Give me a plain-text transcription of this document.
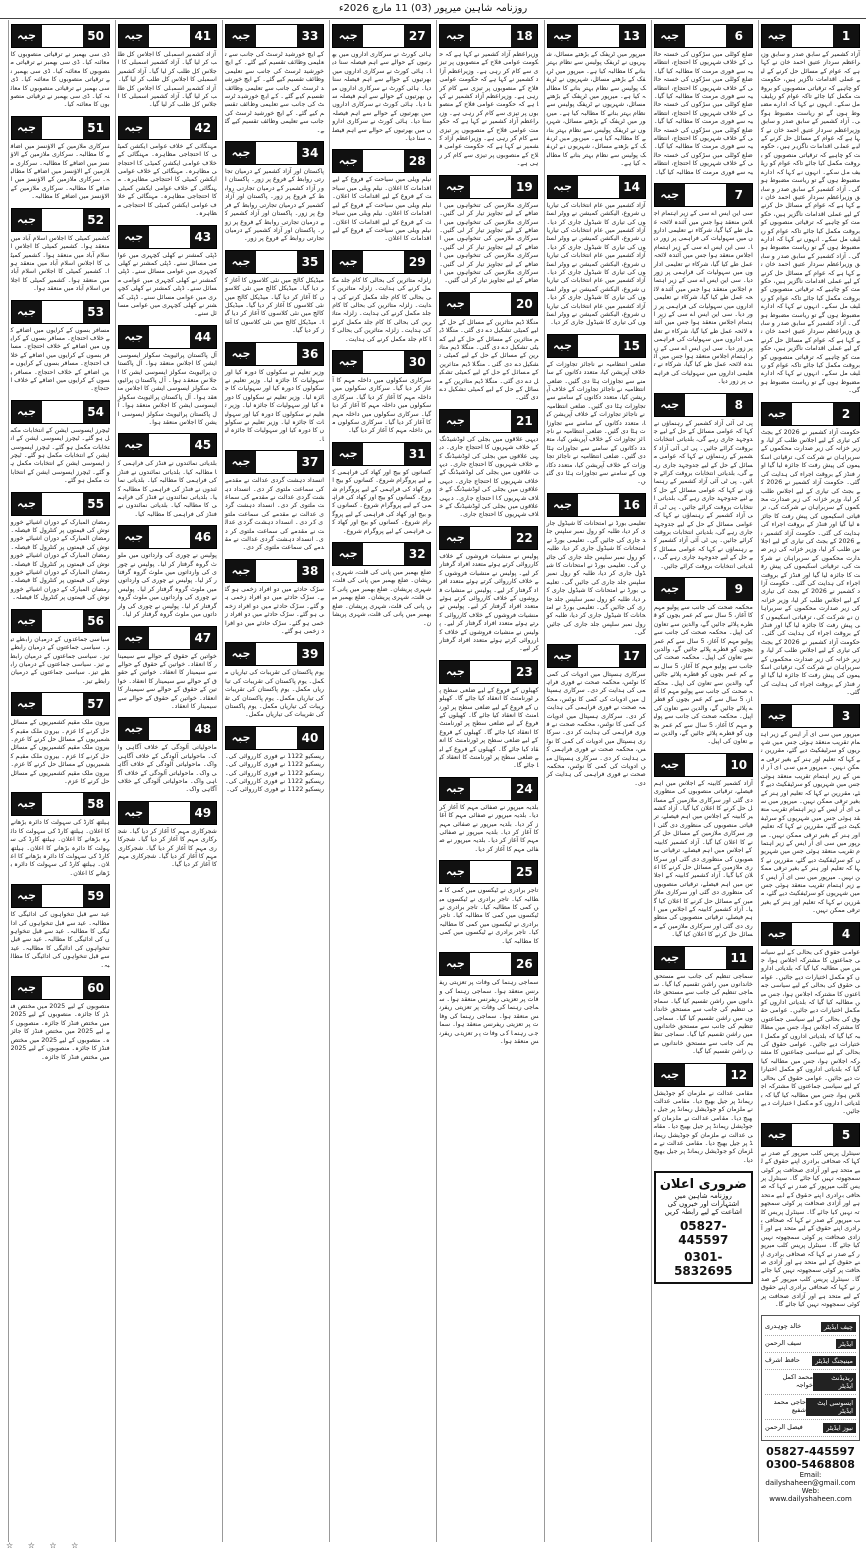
روزنامہ شاہین میرپور (03) 11 مارچ 2026ء
1
جبہ
آزاد کشمیر کے سابق صدر و سابق وزیراعظم سردار عتیق احمد خان نے کہا ہے کہ عوام کے مسائل حل کرنے کے لیے عملی اقدامات ناگزیر ہیں، حکومت کو چاہیے کہ ترقیاتی منصوبوں کو بروقت مکمل کیا جائے تاکہ عوام کو ریلیف مل سکے۔ انہوں نے کہا کہ ادارے مضبوط ہوں گے تو ریاست مضبوط ہوگی۔ آزاد کشمیر کے سابق صدر و سابق وزیراعظم سردار عتیق احمد خان نے کہا ہے کہ عوام کے مسائل حل کرنے کے لیے عملی اقدامات ناگزیر ہیں، حکومت کو چاہیے کہ ترقیاتی منصوبوں کو بروقت مکمل کیا جائے تاکہ عوام کو ریلیف مل سکے۔ انہوں نے کہا کہ ادارے مضبوط ہوں گے تو ریاست مضبوط ہوگی۔ آزاد کشمیر کے سابق صدر و سابق وزیراعظم سردار عتیق احمد خان نے کہا ہے کہ عوام کے مسائل حل کرنے کے لیے عملی اقدامات ناگزیر ہیں، حکومت کو چاہیے کہ ترقیاتی منصوبوں کو بروقت مکمل کیا جائے تاکہ عوام کو ریلیف مل سکے۔ انہوں نے کہا کہ ادارے مضبوط ہوں گے تو ریاست مضبوط ہوگی۔ آزاد کشمیر کے سابق صدر و سابق وزیراعظم سردار عتیق احمد خان نے کہا ہے کہ عوام کے مسائل حل کرنے کے لیے عملی اقدامات ناگزیر ہیں، حکومت کو چاہیے کہ ترقیاتی منصوبوں کو بروقت مکمل کیا جائے تاکہ عوام کو ریلیف مل سکے۔ انہوں نے کہا کہ ادارے مضبوط ہوں گے تو ریاست مضبوط ہوگی۔ آزاد کشمیر کے سابق صدر و سابق وزیراعظم سردار عتیق احمد خان نے کہا ہے کہ عوام کے مسائل حل کرنے کے لیے عملی اقدامات ناگزیر ہیں، حکومت کو چاہیے کہ ترقیاتی منصوبوں کو بروقت مکمل کیا جائے تاکہ عوام کو ریلیف مل سکے۔ انہوں نے کہا کہ ادارے مضبوط ہوں گے تو ریاست مضبوط ہوگی۔
2
جبہ
حکومت آزاد کشمیر نے 2026 کے بجٹ کی تیاری کے لیے اجلاس طلب کر لیا، وزیر خزانہ کی زیر صدارت محکموں کے سربراہان نے شرکت کی، ترقیاتی اسکیموں کی پیش رفت کا جائزہ لیا گیا اور فنڈز کے بروقت اجراء کی ہدایت کی گئی۔ حکومت آزاد کشمیر نے 2026 کے بجٹ کی تیاری کے لیے اجلاس طلب کر لیا، وزیر خزانہ کی زیر صدارت محکموں کے سربراہان نے شرکت کی، ترقیاتی اسکیموں کی پیش رفت کا جائزہ لیا گیا اور فنڈز کے بروقت اجراء کی ہدایت کی گئی۔ حکومت آزاد کشمیر نے 2026 کے بجٹ کی تیاری کے لیے اجلاس طلب کر لیا، وزیر خزانہ کی زیر صدارت محکموں کے سربراہان نے شرکت کی، ترقیاتی اسکیموں کی پیش رفت کا جائزہ لیا گیا اور فنڈز کے بروقت اجراء کی ہدایت کی گئی۔ حکومت آزاد کشمیر نے 2026 کے بجٹ کی تیاری کے لیے اجلاس طلب کر لیا، وزیر خزانہ کی زیر صدارت محکموں کے سربراہان نے شرکت کی، ترقیاتی اسکیموں کی پیش رفت کا جائزہ لیا گیا اور فنڈز کے بروقت اجراء کی ہدایت کی گئی۔ حکومت آزاد کشمیر نے 2026 کے بجٹ کی تیاری کے لیے اجلاس طلب کر لیا، وزیر خزانہ کی زیر صدارت محکموں کے سربراہان نے شرکت کی، ترقیاتی اسکیموں کی پیش رفت کا جائزہ لیا گیا اور فنڈز کے بروقت اجراء کی ہدایت کی گئی۔
3
جبہ
میرپور میں سی ای آر ایس کے زیر اہتمام تقریب منعقد ہوئی جس میں شہریوں کو سرٹیفکیٹ دیے گئے، مقررین نے کہا کہ تعلیم اور ہنر کے بغیر ترقی ممکن نہیں۔ میرپور میں سی ای آر ایس کے زیر اہتمام تقریب منعقد ہوئی جس میں شہریوں کو سرٹیفکیٹ دیے گئے، مقررین نے کہا کہ تعلیم اور ہنر کے بغیر ترقی ممکن نہیں۔ میرپور میں سی ای آر ایس کے زیر اہتمام تقریب منعقد ہوئی جس میں شہریوں کو سرٹیفکیٹ دیے گئے، مقررین نے کہا کہ تعلیم اور ہنر کے بغیر ترقی ممکن نہیں۔ میرپور میں سی ای آر ایس کے زیر اہتمام تقریب منعقد ہوئی جس میں شہریوں کو سرٹیفکیٹ دیے گئے، مقررین نے کہا کہ تعلیم اور ہنر کے بغیر ترقی ممکن نہیں۔ میرپور میں سی ای آر ایس کے زیر اہتمام تقریب منعقد ہوئی جس میں شہریوں کو سرٹیفکیٹ دیے گئے، مقررین نے کہا کہ تعلیم اور ہنر کے بغیر ترقی ممکن نہیں۔
4
جبہ
عوامی حقوق کی بحالی کے لیے سیاسی جماعتوں کا مشترکہ اجلاس ہوا، جس میں مطالبہ کیا گیا کہ بلدیاتی اداروں کو مکمل اختیارات دیے جائیں۔ عوامی حقوق کی بحالی کے لیے سیاسی جماعتوں کا مشترکہ اجلاس ہوا، جس میں مطالبہ کیا گیا کہ بلدیاتی اداروں کو مکمل اختیارات دیے جائیں۔ عوامی حقوق کی بحالی کے لیے سیاسی جماعتوں کا مشترکہ اجلاس ہوا، جس میں مطالبہ کیا گیا کہ بلدیاتی اداروں کو مکمل اختیارات دیے جائیں۔ عوامی حقوق کی بحالی کے لیے سیاسی جماعتوں کا مشترکہ اجلاس ہوا، جس میں مطالبہ کیا گیا کہ بلدیاتی اداروں کو مکمل اختیارات دیے جائیں۔ عوامی حقوق کی بحالی کے لیے سیاسی جماعتوں کا مشترکہ اجلاس ہوا، جس میں مطالبہ کیا گیا کہ بلدیاتی اداروں کو مکمل اختیارات دیے جائیں۔
5
جبہ
سینٹرل پریس کلب میرپور کے صدر نے کہا کہ صحافی برادری اپنے حقوق کے لیے متحد ہے اور آزادی صحافت پر کوئی سمجھوتہ نہیں کیا جائے گا۔ سینٹرل پریس کلب میرپور کے صدر نے کہا کہ صحافی برادری اپنے حقوق کے لیے متحد ہے اور آزادی صحافت پر کوئی سمجھوتہ نہیں کیا جائے گا۔ سینٹرل پریس کلب میرپور کے صدر نے کہا کہ صحافی برادری اپنے حقوق کے لیے متحد ہے اور آزادی صحافت پر کوئی سمجھوتہ نہیں کیا جائے گا۔ سینٹرل پریس کلب میرپور کے صدر نے کہا کہ صحافی برادری اپنے حقوق کے لیے متحد ہے اور آزادی صحافت پر کوئی سمجھوتہ نہیں کیا جائے گا۔ سینٹرل پریس کلب میرپور کے صدر نے کہا کہ صحافی برادری اپنے حقوق کے لیے متحد ہے اور آزادی صحافت پر کوئی سمجھوتہ نہیں کیا جائے گا۔
چیف ایڈیٹر
خالد چوہدری
ایڈیٹر
سیف الرحمن
مینیجنگ ایڈیٹر
حافظ اشرف
ریذیڈنٹ ایڈیٹر
محمد اکمل خواجہ
ایسوسی ایٹ ایڈیٹر
حاجی محمد شفیع
نیوز ایڈیٹر
فیصل الرحمن
05827-445597
0300-5468808
Email: dailyshaheen@gmail.com
Web: www.dailyshaheen.com
6
جبہ
ضلع کوٹلی میں سڑکوں کی خستہ حالی کے خلاف شہریوں کا احتجاج، انتظامیہ سے فوری مرمت کا مطالبہ کیا گیا۔ ضلع کوٹلی میں سڑکوں کی خستہ حالی کے خلاف شہریوں کا احتجاج، انتظامیہ سے فوری مرمت کا مطالبہ کیا گیا۔ ضلع کوٹلی میں سڑکوں کی خستہ حالی کے خلاف شہریوں کا احتجاج، انتظامیہ سے فوری مرمت کا مطالبہ کیا گیا۔ ضلع کوٹلی میں سڑکوں کی خستہ حالی کے خلاف شہریوں کا احتجاج، انتظامیہ سے فوری مرمت کا مطالبہ کیا گیا۔ ضلع کوٹلی میں سڑکوں کی خستہ حالی کے خلاف شہریوں کا احتجاج، انتظامیہ سے فوری مرمت کا مطالبہ کیا گیا۔
7
جبہ
سی این ایس اے سی کے زیر اہتمام اجلاس منعقد ہوا جس میں آئندہ لائحہ عمل طے کیا گیا، شرکاء نے تعلیمی اداروں میں سہولیات کی فراہمی پر زور دیا۔ سی این ایس اے سی کے زیر اہتمام اجلاس منعقد ہوا جس میں آئندہ لائحہ عمل طے کیا گیا، شرکاء نے تعلیمی اداروں میں سہولیات کی فراہمی پر زور دیا۔ سی این ایس اے سی کے زیر اہتمام اجلاس منعقد ہوا جس میں آئندہ لائحہ عمل طے کیا گیا، شرکاء نے تعلیمی اداروں میں سہولیات کی فراہمی پر زور دیا۔ سی این ایس اے سی کے زیر اہتمام اجلاس منعقد ہوا جس میں آئندہ لائحہ عمل طے کیا گیا، شرکاء نے تعلیمی اداروں میں سہولیات کی فراہمی پر زور دیا۔ سی این ایس اے سی کے زیر اہتمام اجلاس منعقد ہوا جس میں آئندہ لائحہ عمل طے کیا گیا، شرکاء نے تعلیمی اداروں میں سہولیات کی فراہمی پر زور دیا۔
8
جبہ
پی ٹی آئی آزاد کشمیر کے رہنماؤں نے کہا کہ عوامی مسائل کے حل کے لیے جدوجہد جاری رہے گی، بلدیاتی انتخابات بروقت کرائے جائیں۔ پی ٹی آئی آزاد کشمیر کے رہنماؤں نے کہا کہ عوامی مسائل کے حل کے لیے جدوجہد جاری رہے گی، بلدیاتی انتخابات بروقت کرائے جائیں۔ پی ٹی آئی آزاد کشمیر کے رہنماؤں نے کہا کہ عوامی مسائل کے حل کے لیے جدوجہد جاری رہے گی، بلدیاتی انتخابات بروقت کرائے جائیں۔ پی ٹی آئی آزاد کشمیر کے رہنماؤں نے کہا کہ عوامی مسائل کے حل کے لیے جدوجہد جاری رہے گی، بلدیاتی انتخابات بروقت کرائے جائیں۔ پی ٹی آئی آزاد کشمیر کے رہنماؤں نے کہا کہ عوامی مسائل کے حل کے لیے جدوجہد جاری رہے گی، بلدیاتی انتخابات بروقت کرائے جائیں۔
9
جبہ
محکمہ صحت کی جانب سے پولیو مہم کا آغاز، 5 سال سے کم عمر بچوں کو قطرے پلائے جائیں گے، والدین سے تعاون کی اپیل۔ محکمہ صحت کی جانب سے پولیو مہم کا آغاز، 5 سال سے کم عمر بچوں کو قطرے پلائے جائیں گے، والدین سے تعاون کی اپیل۔ محکمہ صحت کی جانب سے پولیو مہم کا آغاز، 5 سال سے کم عمر بچوں کو قطرے پلائے جائیں گے، والدین سے تعاون کی اپیل۔ محکمہ صحت کی جانب سے پولیو مہم کا آغاز، 5 سال سے کم عمر بچوں کو قطرے پلائے جائیں گے، والدین سے تعاون کی اپیل۔ محکمہ صحت کی جانب سے پولیو مہم کا آغاز، 5 سال سے کم عمر بچوں کو قطرے پلائے جائیں گے، والدین سے تعاون کی اپیل۔
10
جبہ
آزاد کشمیر کابینہ کے اجلاس میں اہم فیصلے، ترقیاتی منصوبوں کی منظوری دی گئی اور سرکاری ملازمین کے مسائل حل کرنے کا اعلان کیا گیا۔ آزاد کشمیر کابینہ کے اجلاس میں اہم فیصلے، ترقیاتی منصوبوں کی منظوری دی گئی اور سرکاری ملازمین کے مسائل حل کرنے کا اعلان کیا گیا۔ آزاد کشمیر کابینہ کے اجلاس میں اہم فیصلے، ترقیاتی منصوبوں کی منظوری دی گئی اور سرکاری ملازمین کے مسائل حل کرنے کا اعلان کیا گیا۔ آزاد کشمیر کابینہ کے اجلاس میں اہم فیصلے، ترقیاتی منصوبوں کی منظوری دی گئی اور سرکاری ملازمین کے مسائل حل کرنے کا اعلان کیا گیا۔ آزاد کشمیر کابینہ کے اجلاس میں اہم فیصلے، ترقیاتی منصوبوں کی منظوری دی گئی اور سرکاری ملازمین کے مسائل حل کرنے کا اعلان کیا گیا۔
11
جبہ
سماجی تنظیم کی جانب سے مستحق خاندانوں میں راشن تقسیم کیا گیا۔ سماجی تنظیم کی جانب سے مستحق خاندانوں میں راشن تقسیم کیا گیا۔ سماجی تنظیم کی جانب سے مستحق خاندانوں میں راشن تقسیم کیا گیا۔ سماجی تنظیم کی جانب سے مستحق خاندانوں میں راشن تقسیم کیا گیا۔ سماجی تنظیم کی جانب سے مستحق خاندانوں میں راشن تقسیم کیا گیا۔
12
جبہ
مقامی عدالت نے ملزمان کو جوڈیشل ریمانڈ پر جیل بھیج دیا۔ مقامی عدالت نے ملزمان کو جوڈیشل ریمانڈ پر جیل بھیج دیا۔ مقامی عدالت نے ملزمان کو جوڈیشل ریمانڈ پر جیل بھیج دیا۔ مقامی عدالت نے ملزمان کو جوڈیشل ریمانڈ پر جیل بھیج دیا۔ مقامی عدالت نے ملزمان کو جوڈیشل ریمانڈ پر جیل بھیج دیا۔
ضروری اعلان
روزنامہ شاہین میں اشتہارات اور خبروں کی اشاعت کے لیے رابطہ کریں
05827-445597
0301-5832695
13
جبہ
میرپور میں ٹریفک کے بڑھتے مسائل، شہریوں نے ٹریفک پولیس سے نظام بہتر بنانے کا مطالبہ کیا ہے۔ میرپور میں ٹریفک کے بڑھتے مسائل، شہریوں نے ٹریفک پولیس سے نظام بہتر بنانے کا مطالبہ کیا ہے۔ میرپور میں ٹریفک کے بڑھتے مسائل، شہریوں نے ٹریفک پولیس سے نظام بہتر بنانے کا مطالبہ کیا ہے۔ میرپور میں ٹریفک کے بڑھتے مسائل، شہریوں نے ٹریفک پولیس سے نظام بہتر بنانے کا مطالبہ کیا ہے۔ میرپور میں ٹریفک کے بڑھتے مسائل، شہریوں نے ٹریفک پولیس سے نظام بہتر بنانے کا مطالبہ کیا ہے۔
14
جبہ
آزاد کشمیر میں عام انتخابات کی تیاریاں شروع، الیکشن کمیشن نے ووٹر لسٹوں کی تیاری کا شیڈول جاری کر دیا۔ آزاد کشمیر میں عام انتخابات کی تیاریاں شروع، الیکشن کمیشن نے ووٹر لسٹوں کی تیاری کا شیڈول جاری کر دیا۔ آزاد کشمیر میں عام انتخابات کی تیاریاں شروع، الیکشن کمیشن نے ووٹر لسٹوں کی تیاری کا شیڈول جاری کر دیا۔ آزاد کشمیر میں عام انتخابات کی تیاریاں شروع، الیکشن کمیشن نے ووٹر لسٹوں کی تیاری کا شیڈول جاری کر دیا۔ آزاد کشمیر میں عام انتخابات کی تیاریاں شروع، الیکشن کمیشن نے ووٹر لسٹوں کی تیاری کا شیڈول جاری کر دیا۔
15
جبہ
ضلعی انتظامیہ نے ناجائز تجاوزات کے خلاف آپریشن کیا، متعدد دکانوں کے سامنے سے تجاوزات ہٹا دی گئیں۔ ضلعی انتظامیہ نے ناجائز تجاوزات کے خلاف آپریشن کیا، متعدد دکانوں کے سامنے سے تجاوزات ہٹا دی گئیں۔ ضلعی انتظامیہ نے ناجائز تجاوزات کے خلاف آپریشن کیا، متعدد دکانوں کے سامنے سے تجاوزات ہٹا دی گئیں۔ ضلعی انتظامیہ نے ناجائز تجاوزات کے خلاف آپریشن کیا، متعدد دکانوں کے سامنے سے تجاوزات ہٹا دی گئیں۔ ضلعی انتظامیہ نے ناجائز تجاوزات کے خلاف آپریشن کیا، متعدد دکانوں کے سامنے سے تجاوزات ہٹا دی گئیں۔
16
جبہ
تعلیمی بورڈ نے امتحانات کا شیڈول جاری کر دیا، طلبہ کو رول نمبر سلپس جلد جاری کی جائیں گی۔ تعلیمی بورڈ نے امتحانات کا شیڈول جاری کر دیا، طلبہ کو رول نمبر سلپس جلد جاری کی جائیں گی۔ تعلیمی بورڈ نے امتحانات کا شیڈول جاری کر دیا، طلبہ کو رول نمبر سلپس جلد جاری کی جائیں گی۔ تعلیمی بورڈ نے امتحانات کا شیڈول جاری کر دیا، طلبہ کو رول نمبر سلپس جلد جاری کی جائیں گی۔ تعلیمی بورڈ نے امتحانات کا شیڈول جاری کر دیا، طلبہ کو رول نمبر سلپس جلد جاری کی جائیں گی۔
17
جبہ
سرکاری ہسپتال میں ادویات کی کمی کا نوٹس، محکمہ صحت نے فوری فراہمی کی ہدایت کر دی۔ سرکاری ہسپتال میں ادویات کی کمی کا نوٹس، محکمہ صحت نے فوری فراہمی کی ہدایت کر دی۔ سرکاری ہسپتال میں ادویات کی کمی کا نوٹس، محکمہ صحت نے فوری فراہمی کی ہدایت کر دی۔ سرکاری ہسپتال میں ادویات کی کمی کا نوٹس، محکمہ صحت نے فوری فراہمی کی ہدایت کر دی۔ سرکاری ہسپتال میں ادویات کی کمی کا نوٹس، محکمہ صحت نے فوری فراہمی کی ہدایت کر دی۔
18
جبہ
وزیراعظم آزاد کشمیر نے کہا ہے کہ حکومت عوامی فلاح کے منصوبوں پر تیزی سے کام کر رہی ہے۔ وزیراعظم آزاد کشمیر نے کہا ہے کہ حکومت عوامی فلاح کے منصوبوں پر تیزی سے کام کر رہی ہے۔ وزیراعظم آزاد کشمیر نے کہا ہے کہ حکومت عوامی فلاح کے منصوبوں پر تیزی سے کام کر رہی ہے۔ وزیراعظم آزاد کشمیر نے کہا ہے کہ حکومت عوامی فلاح کے منصوبوں پر تیزی سے کام کر رہی ہے۔ وزیراعظم آزاد کشمیر نے کہا ہے کہ حکومت عوامی فلاح کے منصوبوں پر تیزی سے کام کر رہی ہے۔
19
جبہ
سرکاری ملازمین کی تنخواہوں میں اضافے کے لیے تجاویز تیار کر لی گئیں۔ سرکاری ملازمین کی تنخواہوں میں اضافے کے لیے تجاویز تیار کر لی گئیں۔ سرکاری ملازمین کی تنخواہوں میں اضافے کے لیے تجاویز تیار کر لی گئیں۔ سرکاری ملازمین کی تنخواہوں میں اضافے کے لیے تجاویز تیار کر لی گئیں۔ سرکاری ملازمین کی تنخواہوں میں اضافے کے لیے تجاویز تیار کر لی گئیں۔
20
جبہ
منگلا ڈیم متاثرین کے مسائل کے حل کے لیے کمیٹی تشکیل دے دی گئی۔ منگلا ڈیم متاثرین کے مسائل کے حل کے لیے کمیٹی تشکیل دے دی گئی۔ منگلا ڈیم متاثرین کے مسائل کے حل کے لیے کمیٹی تشکیل دے دی گئی۔ منگلا ڈیم متاثرین کے مسائل کے حل کے لیے کمیٹی تشکیل دے دی گئی۔ منگلا ڈیم متاثرین کے مسائل کے حل کے لیے کمیٹی تشکیل دے دی گئی۔
21
جبہ
دیہی علاقوں میں بجلی کی لوڈشیڈنگ کے خلاف شہریوں کا احتجاج جاری۔ دیہی علاقوں میں بجلی کی لوڈشیڈنگ کے خلاف شہریوں کا احتجاج جاری۔ دیہی علاقوں میں بجلی کی لوڈشیڈنگ کے خلاف شہریوں کا احتجاج جاری۔ دیہی علاقوں میں بجلی کی لوڈشیڈنگ کے خلاف شہریوں کا احتجاج جاری۔ دیہی علاقوں میں بجلی کی لوڈشیڈنگ کے خلاف شہریوں کا احتجاج جاری۔
22
جبہ
پولیس نے منشیات فروشوں کے خلاف کارروائی کرتے ہوئے متعدد افراد گرفتار کر لیے۔ پولیس نے منشیات فروشوں کے خلاف کارروائی کرتے ہوئے متعدد افراد گرفتار کر لیے۔ پولیس نے منشیات فروشوں کے خلاف کارروائی کرتے ہوئے متعدد افراد گرفتار کر لیے۔ پولیس نے منشیات فروشوں کے خلاف کارروائی کرتے ہوئے متعدد افراد گرفتار کر لیے۔ پولیس نے منشیات فروشوں کے خلاف کارروائی کرتے ہوئے متعدد افراد گرفتار کر لیے۔
23
جبہ
کھیلوں کے فروغ کے لیے ضلعی سطح پر ٹورنامنٹ کا انعقاد کیا جائے گا۔ کھیلوں کے فروغ کے لیے ضلعی سطح پر ٹورنامنٹ کا انعقاد کیا جائے گا۔ کھیلوں کے فروغ کے لیے ضلعی سطح پر ٹورنامنٹ کا انعقاد کیا جائے گا۔ کھیلوں کے فروغ کے لیے ضلعی سطح پر ٹورنامنٹ کا انعقاد کیا جائے گا۔ کھیلوں کے فروغ کے لیے ضلعی سطح پر ٹورنامنٹ کا انعقاد کیا جائے گا۔
24
جبہ
بلدیہ میرپور نے صفائی مہم کا آغاز کر دیا۔ بلدیہ میرپور نے صفائی مہم کا آغاز کر دیا۔ بلدیہ میرپور نے صفائی مہم کا آغاز کر دیا۔ بلدیہ میرپور نے صفائی مہم کا آغاز کر دیا۔ بلدیہ میرپور نے صفائی مہم کا آغاز کر دیا۔
25
جبہ
تاجر برادری نے ٹیکسوں میں کمی کا مطالبہ کیا۔ تاجر برادری نے ٹیکسوں میں کمی کا مطالبہ کیا۔ تاجر برادری نے ٹیکسوں میں کمی کا مطالبہ کیا۔ تاجر برادری نے ٹیکسوں میں کمی کا مطالبہ کیا۔ تاجر برادری نے ٹیکسوں میں کمی کا مطالبہ کیا۔
26
جبہ
سماجی رہنما کی وفات پر تعزیتی ریفرنس منعقد ہوا۔ سماجی رہنما کی وفات پر تعزیتی ریفرنس منعقد ہوا۔ سماجی رہنما کی وفات پر تعزیتی ریفرنس منعقد ہوا۔ سماجی رہنما کی وفات پر تعزیتی ریفرنس منعقد ہوا۔ سماجی رہنما کی وفات پر تعزیتی ریفرنس منعقد ہوا۔
27
جبہ
ہائی کورٹ نے سرکاری اداروں میں بھرتیوں کے حوالے سے اہم فیصلہ سنا دیا۔ ہائی کورٹ نے سرکاری اداروں میں بھرتیوں کے حوالے سے اہم فیصلہ سنا دیا۔ ہائی کورٹ نے سرکاری اداروں میں بھرتیوں کے حوالے سے اہم فیصلہ سنا دیا۔ ہائی کورٹ نے سرکاری اداروں میں بھرتیوں کے حوالے سے اہم فیصلہ سنا دیا۔ ہائی کورٹ نے سرکاری اداروں میں بھرتیوں کے حوالے سے اہم فیصلہ سنا دیا۔
28
جبہ
نیلم ویلی میں سیاحت کے فروغ کے لیے اقدامات کا اعلان۔ نیلم ویلی میں سیاحت کے فروغ کے لیے اقدامات کا اعلان۔ نیلم ویلی میں سیاحت کے فروغ کے لیے اقدامات کا اعلان۔ نیلم ویلی میں سیاحت کے فروغ کے لیے اقدامات کا اعلان۔ نیلم ویلی میں سیاحت کے فروغ کے لیے اقدامات کا اعلان۔
29
جبہ
زلزلہ متاثرین کی بحالی کا کام جلد مکمل کرنے کی ہدایت۔ زلزلہ متاثرین کی بحالی کا کام جلد مکمل کرنے کی ہدایت۔ زلزلہ متاثرین کی بحالی کا کام جلد مکمل کرنے کی ہدایت۔ زلزلہ متاثرین کی بحالی کا کام جلد مکمل کرنے کی ہدایت۔ زلزلہ متاثرین کی بحالی کا کام جلد مکمل کرنے کی ہدایت۔
30
جبہ
سرکاری سکولوں میں داخلہ مہم کا آغاز کر دیا گیا۔ سرکاری سکولوں میں داخلہ مہم کا آغاز کر دیا گیا۔ سرکاری سکولوں میں داخلہ مہم کا آغاز کر دیا گیا۔ سرکاری سکولوں میں داخلہ مہم کا آغاز کر دیا گیا۔ سرکاری سکولوں میں داخلہ مہم کا آغاز کر دیا گیا۔
31
جبہ
کسانوں کو بیج اور کھاد کی فراہمی کے لیے پروگرام شروع۔ کسانوں کو بیج اور کھاد کی فراہمی کے لیے پروگرام شروع۔ کسانوں کو بیج اور کھاد کی فراہمی کے لیے پروگرام شروع۔ کسانوں کو بیج اور کھاد کی فراہمی کے لیے پروگرام شروع۔ کسانوں کو بیج اور کھاد کی فراہمی کے لیے پروگرام شروع۔
32
جبہ
ضلع بھمبر میں پانی کی قلت، شہری پریشان۔ ضلع بھمبر میں پانی کی قلت، شہری پریشان۔ ضلع بھمبر میں پانی کی قلت، شہری پریشان۔ ضلع بھمبر میں پانی کی قلت، شہری پریشان۔ ضلع بھمبر میں پانی کی قلت، شہری پریشان۔
33
جبہ
کے ایچ خورشید ٹرسٹ کی جانب سے تعلیمی وظائف تقسیم کیے گئے۔ کے ایچ خورشید ٹرسٹ کی جانب سے تعلیمی وظائف تقسیم کیے گئے۔ کے ایچ خورشید ٹرسٹ کی جانب سے تعلیمی وظائف تقسیم کیے گئے۔ کے ایچ خورشید ٹرسٹ کی جانب سے تعلیمی وظائف تقسیم کیے گئے۔ کے ایچ خورشید ٹرسٹ کی جانب سے تعلیمی وظائف تقسیم کیے گئے۔
34
جبہ
پاکستان اور آزاد کشمیر کے درمیان تجارتی روابط کے فروغ پر زور۔ پاکستان اور آزاد کشمیر کے درمیان تجارتی روابط کے فروغ پر زور۔ پاکستان اور آزاد کشمیر کے درمیان تجارتی روابط کے فروغ پر زور۔ پاکستان اور آزاد کشمیر کے درمیان تجارتی روابط کے فروغ پر زور۔ پاکستان اور آزاد کشمیر کے درمیان تجارتی روابط کے فروغ پر زور۔
35
جبہ
میڈیکل کالج میں نئی کلاسوں کا آغاز کر دیا گیا۔ میڈیکل کالج میں نئی کلاسوں کا آغاز کر دیا گیا۔ میڈیکل کالج میں نئی کلاسوں کا آغاز کر دیا گیا۔ میڈیکل کالج میں نئی کلاسوں کا آغاز کر دیا گیا۔ میڈیکل کالج میں نئی کلاسوں کا آغاز کر دیا گیا۔
36
جبہ
وزیر تعلیم نے سکولوں کا دورہ کیا اور سہولیات کا جائزہ لیا۔ وزیر تعلیم نے سکولوں کا دورہ کیا اور سہولیات کا جائزہ لیا۔ وزیر تعلیم نے سکولوں کا دورہ کیا اور سہولیات کا جائزہ لیا۔ وزیر تعلیم نے سکولوں کا دورہ کیا اور سہولیات کا جائزہ لیا۔ وزیر تعلیم نے سکولوں کا دورہ کیا اور سہولیات کا جائزہ لیا۔
37
جبہ
انسداد دہشت گردی عدالت نے مقدمے کی سماعت ملتوی کر دی۔ انسداد دہشت گردی عدالت نے مقدمے کی سماعت ملتوی کر دی۔ انسداد دہشت گردی عدالت نے مقدمے کی سماعت ملتوی کر دی۔ انسداد دہشت گردی عدالت نے مقدمے کی سماعت ملتوی کر دی۔ انسداد دہشت گردی عدالت نے مقدمے کی سماعت ملتوی کر دی۔
38
جبہ
سڑک حادثے میں دو افراد زخمی ہو گئے۔ سڑک حادثے میں دو افراد زخمی ہو گئے۔ سڑک حادثے میں دو افراد زخمی ہو گئے۔ سڑک حادثے میں دو افراد زخمی ہو گئے۔ سڑک حادثے میں دو افراد زخمی ہو گئے۔
39
جبہ
یوم پاکستان کی تقریبات کی تیاریاں مکمل۔ یوم پاکستان کی تقریبات کی تیاریاں مکمل۔ یوم پاکستان کی تقریبات کی تیاریاں مکمل۔ یوم پاکستان کی تقریبات کی تیاریاں مکمل۔ یوم پاکستان کی تقریبات کی تیاریاں مکمل۔
40
جبہ
ریسکیو 1122 نے فوری کارروائی کی۔ ریسکیو 1122 نے فوری کارروائی کی۔ ریسکیو 1122 نے فوری کارروائی کی۔ ریسکیو 1122 نے فوری کارروائی کی۔ ریسکیو 1122 نے فوری کارروائی کی۔
41
جبہ
آزاد کشمیر اسمبلی کا اجلاس کل طلب کر لیا گیا۔ آزاد کشمیر اسمبلی کا اجلاس کل طلب کر لیا گیا۔ آزاد کشمیر اسمبلی کا اجلاس کل طلب کر لیا گیا۔ آزاد کشمیر اسمبلی کا اجلاس کل طلب کر لیا گیا۔ آزاد کشمیر اسمبلی کا اجلاس کل طلب کر لیا گیا۔
42
جبہ
مہنگائی کے خلاف عوامی ایکشن کمیٹی کا احتجاجی مظاہرہ۔ مہنگائی کے خلاف عوامی ایکشن کمیٹی کا احتجاجی مظاہرہ۔ مہنگائی کے خلاف عوامی ایکشن کمیٹی کا احتجاجی مظاہرہ۔ مہنگائی کے خلاف عوامی ایکشن کمیٹی کا احتجاجی مظاہرہ۔ مہنگائی کے خلاف عوامی ایکشن کمیٹی کا احتجاجی مظاہرہ۔
43
جبہ
ڈپٹی کمشنر نے کھلی کچہری میں عوامی مسائل سنے۔ ڈپٹی کمشنر نے کھلی کچہری میں عوامی مسائل سنے۔ ڈپٹی کمشنر نے کھلی کچہری میں عوامی مسائل سنے۔ ڈپٹی کمشنر نے کھلی کچہری میں عوامی مسائل سنے۔ ڈپٹی کمشنر نے کھلی کچہری میں عوامی مسائل سنے۔
44
جبہ
آل پاکستان پرائیویٹ سکولز ایسوسی ایشن کا اجلاس منعقد ہوا۔ آل پاکستان پرائیویٹ سکولز ایسوسی ایشن کا اجلاس منعقد ہوا۔ آل پاکستان پرائیویٹ سکولز ایسوسی ایشن کا اجلاس منعقد ہوا۔ آل پاکستان پرائیویٹ سکولز ایسوسی ایشن کا اجلاس منعقد ہوا۔ آل پاکستان پرائیویٹ سکولز ایسوسی ایشن کا اجلاس منعقد ہوا۔
45
جبہ
بلدیاتی نمائندوں نے فنڈز کی فراہمی کا مطالبہ کیا۔ بلدیاتی نمائندوں نے فنڈز کی فراہمی کا مطالبہ کیا۔ بلدیاتی نمائندوں نے فنڈز کی فراہمی کا مطالبہ کیا۔ بلدیاتی نمائندوں نے فنڈز کی فراہمی کا مطالبہ کیا۔ بلدیاتی نمائندوں نے فنڈز کی فراہمی کا مطالبہ کیا۔
46
جبہ
پولیس نے چوری کی وارداتوں میں ملوث گروہ گرفتار کر لیا۔ پولیس نے چوری کی وارداتوں میں ملوث گروہ گرفتار کر لیا۔ پولیس نے چوری کی وارداتوں میں ملوث گروہ گرفتار کر لیا۔ پولیس نے چوری کی وارداتوں میں ملوث گروہ گرفتار کر لیا۔ پولیس نے چوری کی وارداتوں میں ملوث گروہ گرفتار کر لیا۔
47
جبہ
خواتین کے حقوق کے حوالے سے سیمینار کا انعقاد۔ خواتین کے حقوق کے حوالے سے سیمینار کا انعقاد۔ خواتین کے حقوق کے حوالے سے سیمینار کا انعقاد۔ خواتین کے حقوق کے حوالے سے سیمینار کا انعقاد۔ خواتین کے حقوق کے حوالے سے سیمینار کا انعقاد۔
48
جبہ
ماحولیاتی آلودگی کے خلاف آگاہی واک۔ ماحولیاتی آلودگی کے خلاف آگاہی واک۔ ماحولیاتی آلودگی کے خلاف آگاہی واک۔ ماحولیاتی آلودگی کے خلاف آگاہی واک۔ ماحولیاتی آلودگی کے خلاف آگاہی واک۔
49
جبہ
شجرکاری مہم کا آغاز کر دیا گیا۔ شجرکاری مہم کا آغاز کر دیا گیا۔ شجرکاری مہم کا آغاز کر دیا گیا۔ شجرکاری مہم کا آغاز کر دیا گیا۔ شجرکاری مہم کا آغاز کر دیا گیا۔
50
جبہ
ڈی سی بھمبر نے ترقیاتی منصوبوں کا معائنہ کیا۔ ڈی سی بھمبر نے ترقیاتی منصوبوں کا معائنہ کیا۔ ڈی سی بھمبر نے ترقیاتی منصوبوں کا معائنہ کیا۔ ڈی سی بھمبر نے ترقیاتی منصوبوں کا معائنہ کیا۔ ڈی سی بھمبر نے ترقیاتی منصوبوں کا معائنہ کیا۔
51
جبہ
سرکاری ملازمین کے الاؤنسز میں اضافے کا مطالبہ۔ سرکاری ملازمین کے الاؤنسز میں اضافے کا مطالبہ۔ سرکاری ملازمین کے الاؤنسز میں اضافے کا مطالبہ۔ سرکاری ملازمین کے الاؤنسز میں اضافے کا مطالبہ۔ سرکاری ملازمین کے الاؤنسز میں اضافے کا مطالبہ۔
52
جبہ
کشمیر کمیٹی کا اجلاس اسلام آباد میں منعقد ہوا۔ کشمیر کمیٹی کا اجلاس اسلام آباد میں منعقد ہوا۔ کشمیر کمیٹی کا اجلاس اسلام آباد میں منعقد ہوا۔ کشمیر کمیٹی کا اجلاس اسلام آباد میں منعقد ہوا۔ کشمیر کمیٹی کا اجلاس اسلام آباد میں منعقد ہوا۔
53
جبہ
مسافر بسوں کے کرایوں میں اضافے کے خلاف احتجاج۔ مسافر بسوں کے کرایوں میں اضافے کے خلاف احتجاج۔ مسافر بسوں کے کرایوں میں اضافے کے خلاف احتجاج۔ مسافر بسوں کے کرایوں میں اضافے کے خلاف احتجاج۔ مسافر بسوں کے کرایوں میں اضافے کے خلاف احتجاج۔
54
جبہ
ٹیچرز ایسوسی ایشن کے انتخابات مکمل ہو گئے۔ ٹیچرز ایسوسی ایشن کے انتخابات مکمل ہو گئے۔ ٹیچرز ایسوسی ایشن کے انتخابات مکمل ہو گئے۔ ٹیچرز ایسوسی ایشن کے انتخابات مکمل ہو گئے۔ ٹیچرز ایسوسی ایشن کے انتخابات مکمل ہو گئے۔
55
جبہ
رمضان المبارک کے دوران اشیائے خورونوش کی قیمتوں پر کنٹرول کا فیصلہ۔ رمضان المبارک کے دوران اشیائے خورونوش کی قیمتوں پر کنٹرول کا فیصلہ۔ رمضان المبارک کے دوران اشیائے خورونوش کی قیمتوں پر کنٹرول کا فیصلہ۔ رمضان المبارک کے دوران اشیائے خورونوش کی قیمتوں پر کنٹرول کا فیصلہ۔ رمضان المبارک کے دوران اشیائے خورونوش کی قیمتوں پر کنٹرول کا فیصلہ۔
56
جبہ
سیاسی جماعتوں کے درمیان رابطے تیز۔ سیاسی جماعتوں کے درمیان رابطے تیز۔ سیاسی جماعتوں کے درمیان رابطے تیز۔ سیاسی جماعتوں کے درمیان رابطے تیز۔ سیاسی جماعتوں کے درمیان رابطے تیز۔
57
جبہ
بیرون ملک مقیم کشمیریوں کے مسائل حل کرنے کا عزم۔ بیرون ملک مقیم کشمیریوں کے مسائل حل کرنے کا عزم۔ بیرون ملک مقیم کشمیریوں کے مسائل حل کرنے کا عزم۔ بیرون ملک مقیم کشمیریوں کے مسائل حل کرنے کا عزم۔ بیرون ملک مقیم کشمیریوں کے مسائل حل کرنے کا عزم۔
58
جبہ
ہیلتھ کارڈ کی سہولت کا دائرہ بڑھانے کا اعلان۔ ہیلتھ کارڈ کی سہولت کا دائرہ بڑھانے کا اعلان۔ ہیلتھ کارڈ کی سہولت کا دائرہ بڑھانے کا اعلان۔ ہیلتھ کارڈ کی سہولت کا دائرہ بڑھانے کا اعلان۔ ہیلتھ کارڈ کی سہولت کا دائرہ بڑھانے کا اعلان۔
59
جبہ
عید سے قبل تنخواہوں کی ادائیگی کا مطالبہ۔ عید سے قبل تنخواہوں کی ادائیگی کا مطالبہ۔ عید سے قبل تنخواہوں کی ادائیگی کا مطالبہ۔ عید سے قبل تنخواہوں کی ادائیگی کا مطالبہ۔ عید سے قبل تنخواہوں کی ادائیگی کا مطالبہ۔
60
جبہ
منصوبوں کے لیے 2025 میں مختص فنڈز کا جائزہ۔ منصوبوں کے لیے 2025 میں مختص فنڈز کا جائزہ۔ منصوبوں کے لیے 2025 میں مختص فنڈز کا جائزہ۔ منصوبوں کے لیے 2025 میں مختص فنڈز کا جائزہ۔ منصوبوں کے لیے 2025 میں مختص فنڈز کا جائزہ۔
☆ ☆ ☆ ☆
